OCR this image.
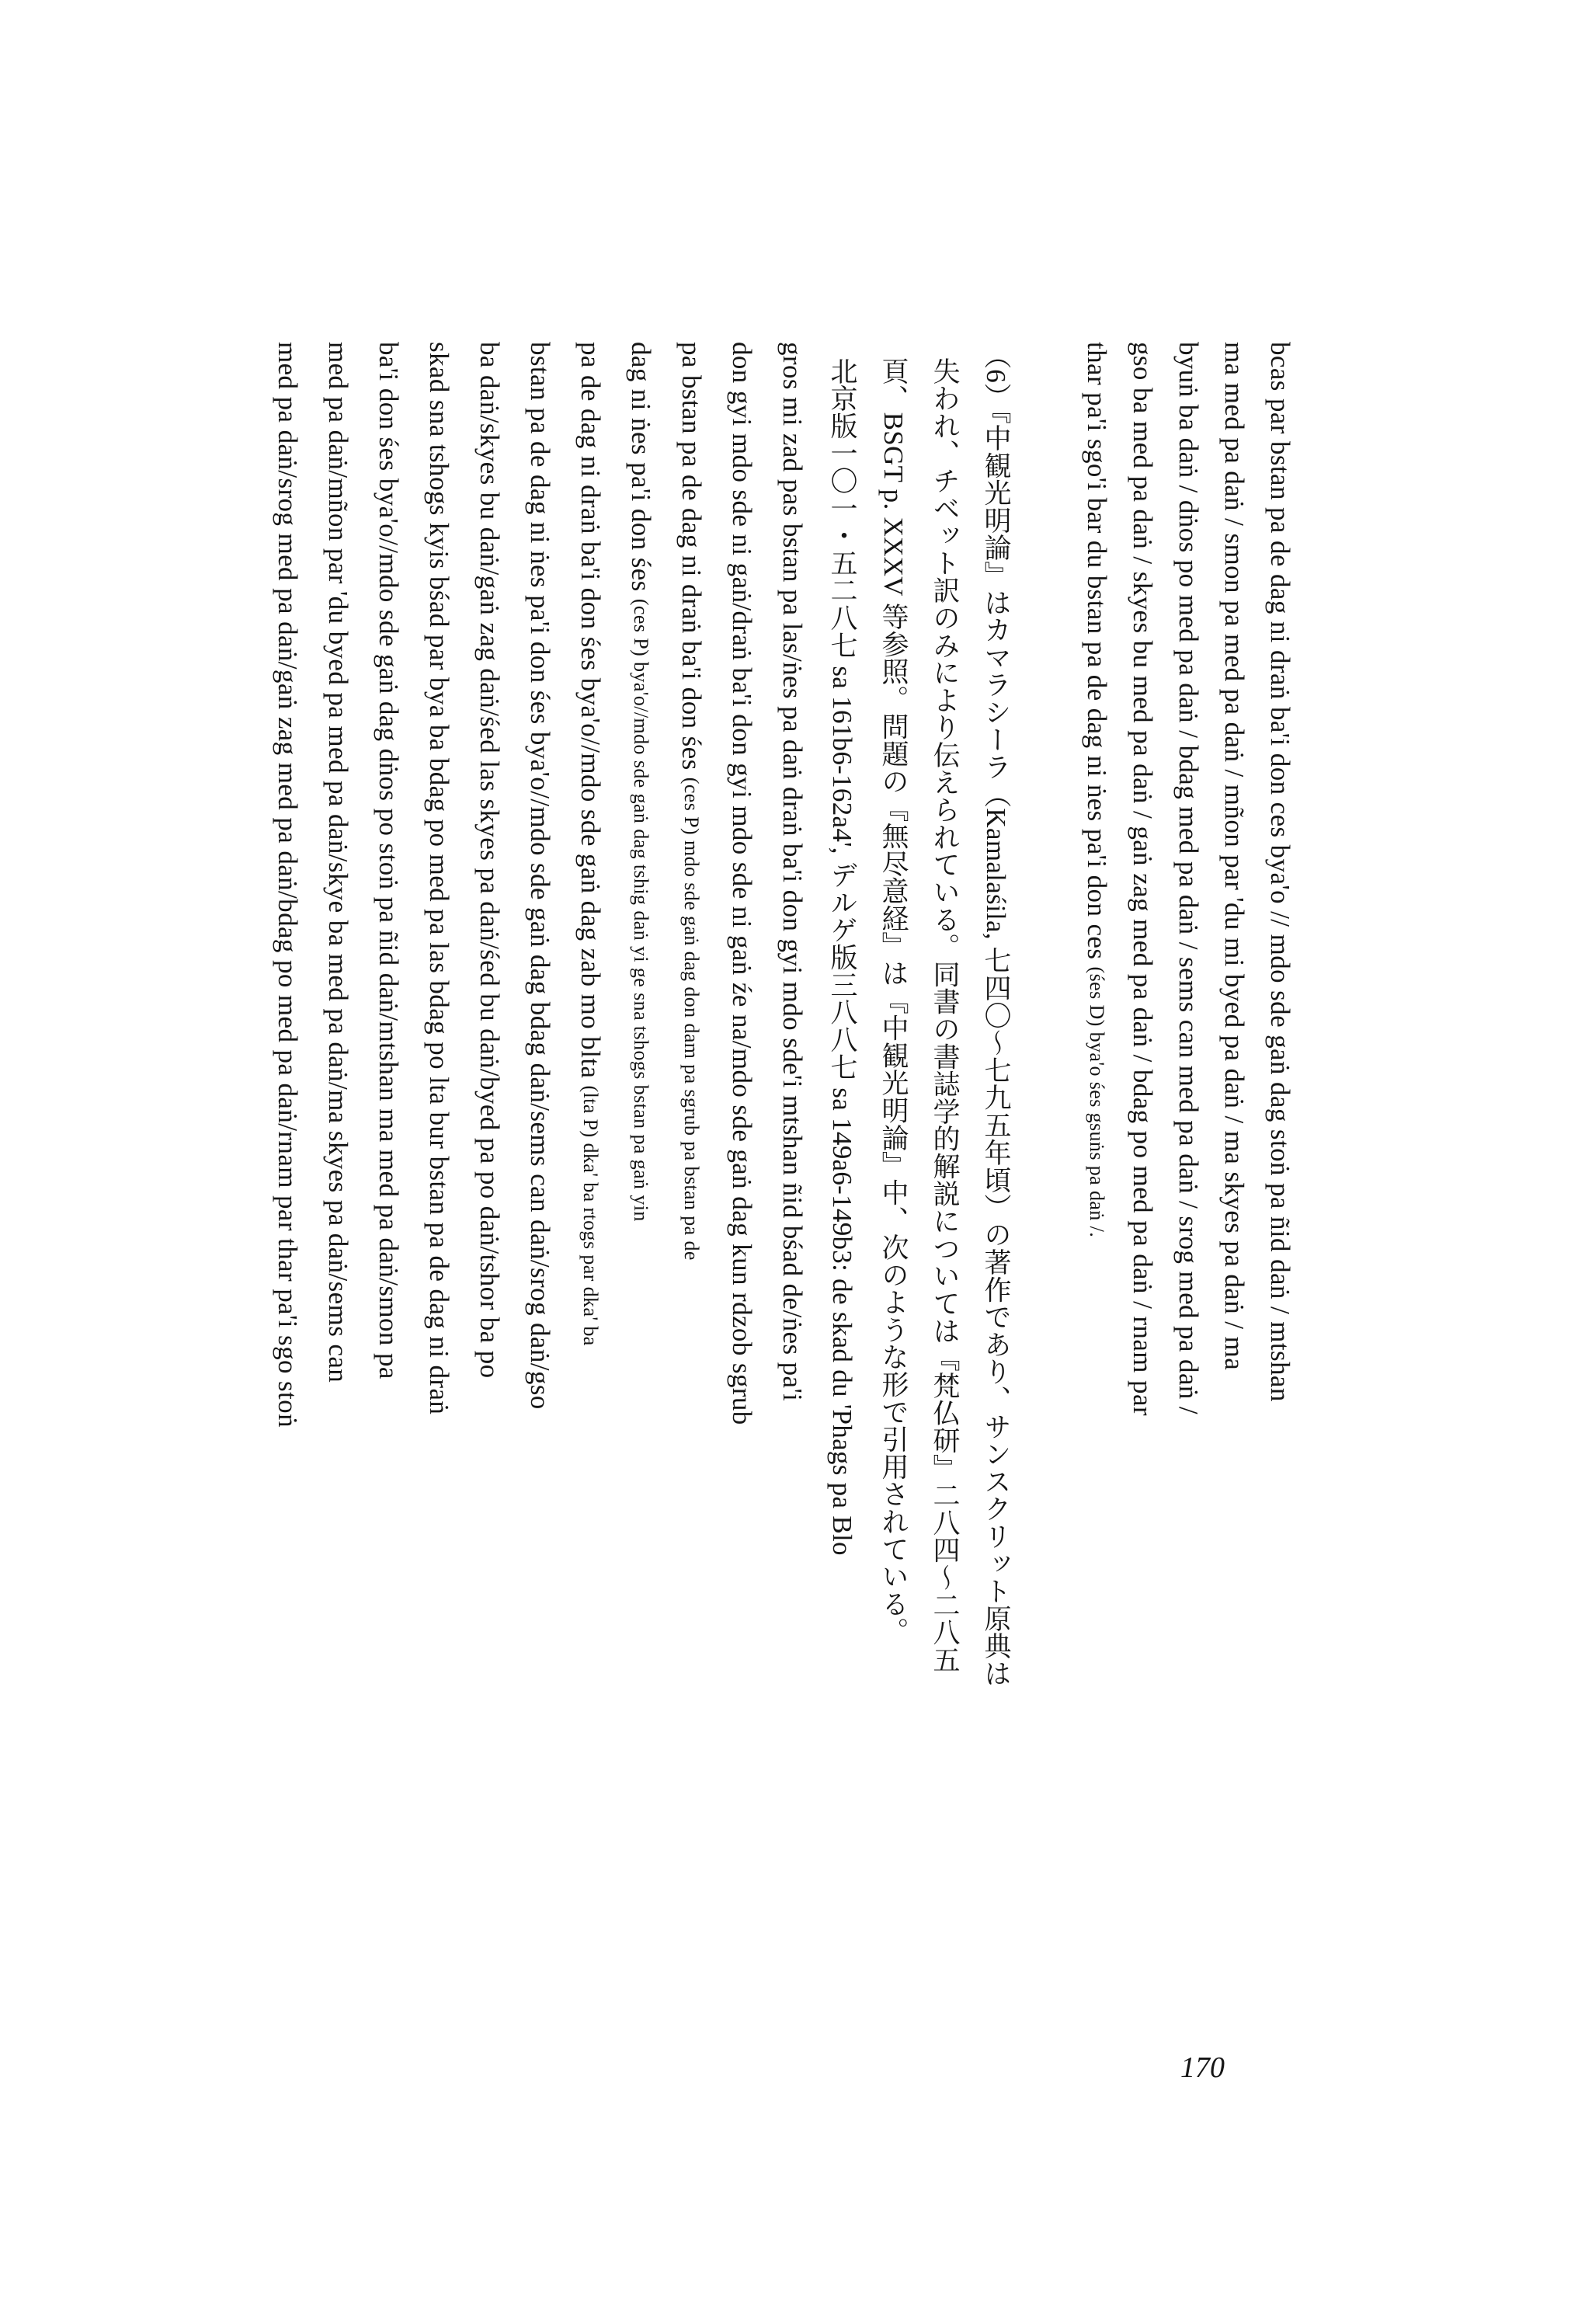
bcas par bstan pa de dag ni draṅ ba'i don ces bya'o // mdo sde gaṅ dag stoṅ pa ñid daṅ / mtshan
ma med pa daṅ / smon pa med pa daṅ / mñon par 'du mi byed pa daṅ / ma skyes pa daṅ / ma
byuṅ ba daṅ / dṅos po med pa daṅ / bdag med pa daṅ / sems can med pa daṅ / srog med pa daṅ /
gso ba med pa daṅ / skyes bu med pa daṅ / gaṅ zag med pa daṅ / bdag po med pa daṅ / rnam par
thar pa'i sgo'i bar du bstan pa de dag ni ṅes pa'i don ces (śes D) bya'o śes gsuṅs pa daṅ /.
（6）『中観光明論』はカマラシーラ（Kamalaśila, 七四〇～七九五年頃）の著作であり、サンスクリット原典は
失われ、チベット訳のみにより伝えられている。同書の書誌学的解説については『梵仏研』二八四～二八五
頁、BSGT p. XXXV 等参照。問題の『無尽意経』は『中観光明論』中、次のような形で引用されている。
北京版一〇一・五二八七 sa 161b6-162a4', デルゲ版三八八七 sa 149a6-149b3: de skad du 'Phags pa Blo
gros mi zad pas bstan pa las/ṅes pa daṅ draṅ ba'i don gyi mdo sde'i mtshan ñid bśad de/ṅes pa'i
don gyi mdo sde ni gaṅ/draṅ ba'i don gyi mdo sde ni gaṅ źe na/mdo sde gaṅ dag kun rdzob sgrub
pa bstan pa de dag ni draṅ ba'i don śes (ces P) mdo sde gaṅ dag don dam pa sgrub pa bstan pa de
dag ni ṅes pa'i don śes (ces P) bya'o//mdo sde gaṅ dag tshig daṅ yi ge sna tshogs bstan pa gaṅ yin
pa de dag ni draṅ ba'i don śes bya'o//mdo sde gaṅ dag zab mo blta (lta P) dka' ba rtogs par dka' ba
bstan pa de dag ni ṅes pa'i don śes bya'o//mdo sde gaṅ dag bdag daṅ/sems can daṅ/srog daṅ/gso
ba daṅ/skyes bu daṅ/gaṅ zag daṅ/śed las skyes pa daṅ/śed bu daṅ/byed pa po daṅ/tshor ba po
skad sna tshogs kyis bśad par bya ba bdag po med pa las bdag po lta bur bstan pa de dag ni draṅ
ba'i don śes bya'o//mdo sde gaṅ dag dṅos po stoṅ pa ñid daṅ/mtshan ma med pa daṅ/smon pa
med pa daṅ/mñon par 'du byed pa med pa daṅ/skye ba med pa daṅ/ma skyes pa daṅ/sems can
med pa daṅ/srog med pa daṅ/gaṅ zag med pa daṅ/bdag po med pa daṅ/rnam par thar pa'i sgo stoṅ
170
